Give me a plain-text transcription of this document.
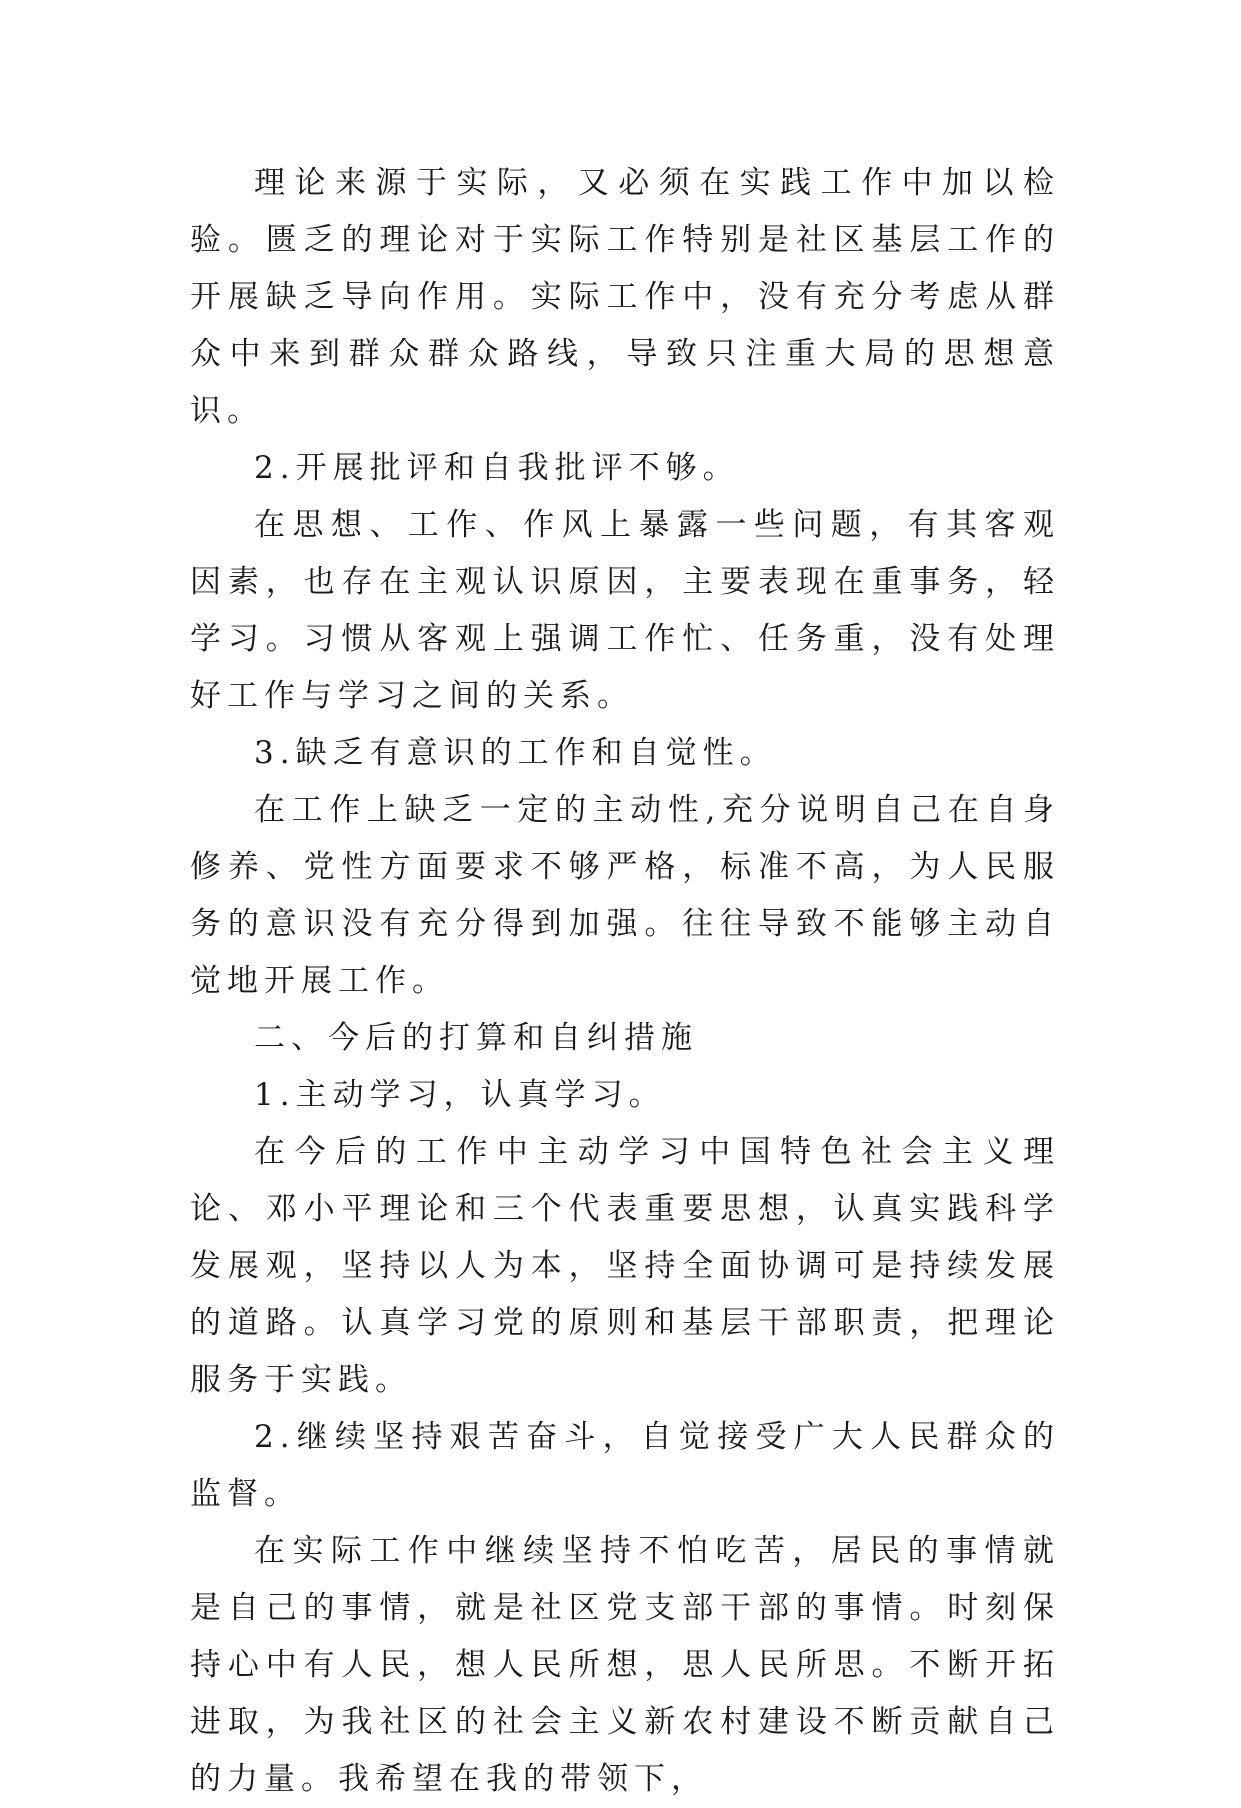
理论来源于实际，又必须在实践工作中加以检验。匮乏的理论对于实际工作特别是社区基层工作的开展缺乏导向作用。实际工作中，没有充分考虑从群众中来到群众群众路线，导致只注重大局的思想意识。

2.开展批评和自我批评不够。

在思想、工作、作风上暴露一些问题，有其客观因素，也存在主观认识原因，主要表现在重事务，轻学习。习惯从客观上强调工作忙、任务重，没有处理好工作与学习之间的关系。

3.缺乏有意识的工作和自觉性。

在工作上缺乏一定的主动性,充分说明自己在自身修养、党性方面要求不够严格，标准不高，为人民服务的意识没有充分得到加强。往往导致不能够主动自觉地开展工作。

二、今后的打算和自纠措施

1.主动学习，认真学习。

在今后的工作中主动学习中国特色社会主义理论、邓小平理论和三个代表重要思想，认真实践科学发展观，坚持以人为本，坚持全面协调可是持续发展的道路。认真学习党的原则和基层干部职责，把理论服务于实践。

2.继续坚持艰苦奋斗，自觉接受广大人民群众的监督。

在实际工作中继续坚持不怕吃苦，居民的事情就是自己的事情，就是社区党支部干部的事情。时刻保持心中有人民，想人民所想，思人民所思。不断开拓进取，为我社区的社会主义新农村建设不断贡献自己的力量。我希望在我的带领下，
